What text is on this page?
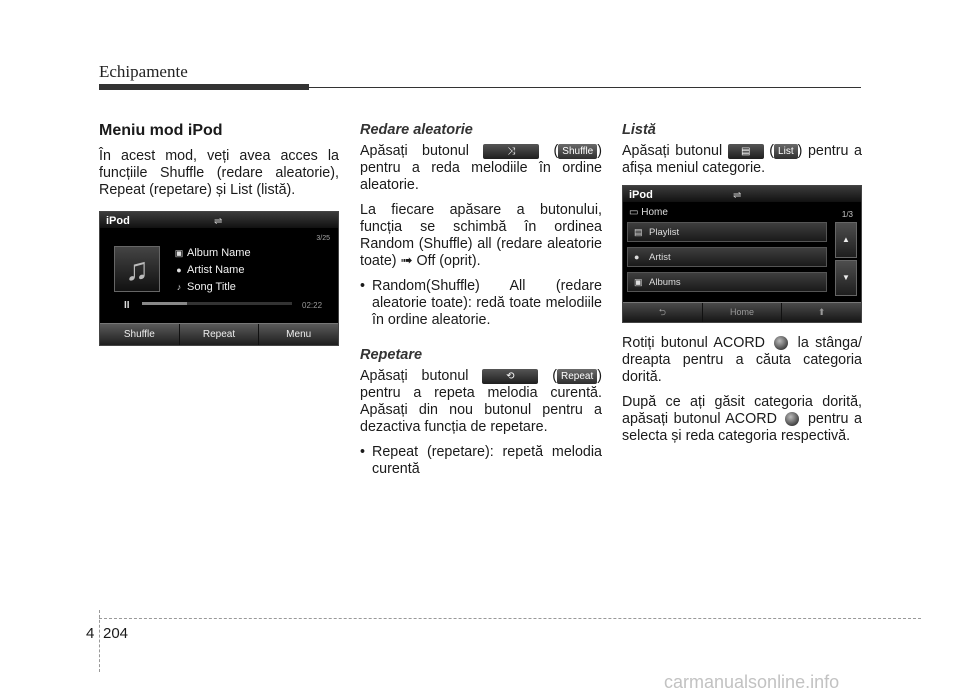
Echipamente
Meniu mod iPod

În acest mod, veți avea acces la funcțiile Shuffle (redare aleatorie), Repeat (repetare) și List (listă).

iPod	⇌
3/25
♫	▣ Album Name
● Artist Name
♪ Song Title
II	02:22
Shuffle	Repeat	Menu
Redare aleatorie

Apăsați butonul	⤨ ( Shuffle ) pentru a reda melodiile în ordine aleatorie.

La fiecare apăsare a butonului, funcția se schimbă în ordinea Random (Shuffle) all (redare aleatorie toate) ➟ Off (oprit).

• Random(Shuffle) All (redare aleatorie toate): redă toate melodiile în ordine aleatorie.

Repetare

Apăsați butonul	⟲ ( Repeat ) pentru a repeta melodia curentă. Apăsați din nou butonul pentru a dezactiva funcția de repetare.

• Repeat (repetare): repetă melodia curentă

Listă

Apăsați butonul ▤ ( List ) pentru a afișa meniul categorie.

iPod	⇌
▭ Home	1/3
▤ Playlist
● Artist
▣ Albums
▲
▼
⮌	Home	⬆

Rotiți butonul ACORD la stânga/ dreapta pentru a căuta categoria dorită.

După ce ați găsit categoria dorită, apăsați butonul ACORD pentru a selecta și reda categoria respectivă.

4 204
carmanualsonline.info
